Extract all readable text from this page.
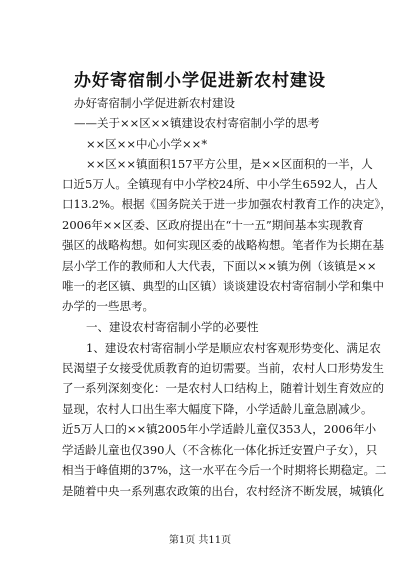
办好寄宿制小学促进新农村建设
办好寄宿制小学促进新农村建设
——关于××区××镇建设农村寄宿制小学的思考
××区××中心小学××*
××区××镇面积157平方公里，是××区面积的一半，人
口近5万人。全镇现有中小学校24所、中小学生6592人，占人
口13.2%。根据《国务院关于进一步加强农村教育工作的决定》，
2006年××区委、区政府提出在“十一五”期间基本实现教育
强区的战略构想。如何实现区委的战略构想。笔者作为长期在基
层小学工作的教师和人大代表，下面以××镇为例（该镇是××
唯一的老区镇、典型的山区镇）谈谈建设农村寄宿制小学和集中
办学的一些思考。
一、建设农村寄宿制小学的必要性
1、建设农村寄宿制小学是顺应农村客观形势变化、满足农
民渴望子女接受优质教育的迫切需要。当前，农村人口形势发生
了一系列深刻变化：一是农村人口结构上，随着计划生育效应的
显现，农村人口出生率大幅度下降，小学适龄儿童急剧减少。
近5万人口的××镇2005年小学适龄儿童仅353人，2006年小
学适龄儿童也仅390人（不含栋化一体化拆迁安置户子女），只
相当于峰值期的37%，这一水平在今后一个时期将长期稳定。二
是随着中央一系列惠农政策的出台，农村经济不断发展，城镇化
第1页 共11页
